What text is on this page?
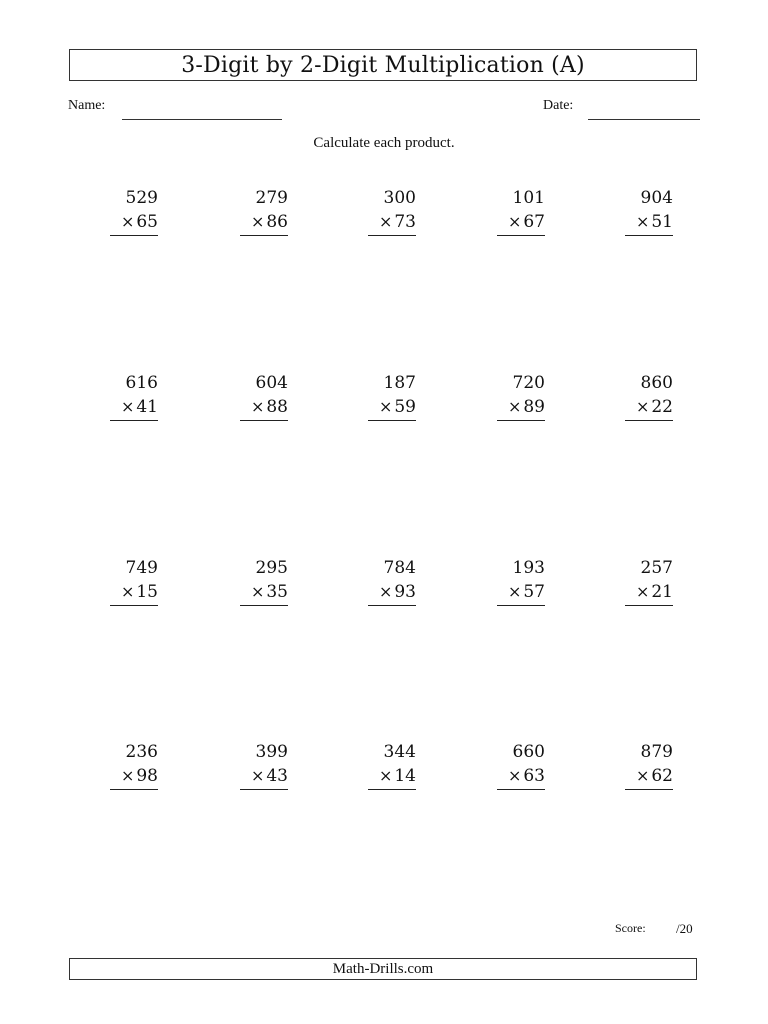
3-Digit by 2-Digit Multiplication (A)
Name:	Date:
Calculate each product.
529
× 65
279
× 86
300
× 73
101
× 67
904
× 51
616
× 41
604
× 88
187
× 59
720
× 89
860
× 22
749
× 15
295
× 35
784
× 93
193
× 57
257
× 21
236
× 98
399
× 43
344
× 14
660
× 63
879
× 62
Score: /20
Math-Drills.com
